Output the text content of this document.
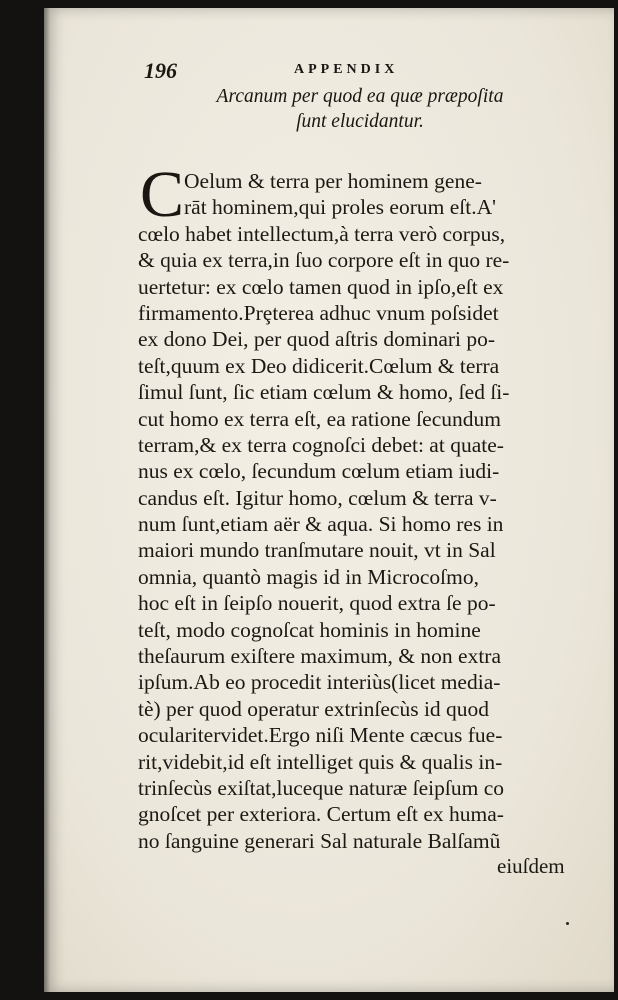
196	APPENDIX
Arcanum per quod ea quæ præpoſita
ſunt elucidantur.
C Oelum & terra per hominem gene-
rāt hominem,qui proles eorum eſt.A'
cœlo habet intellectum,à terra verò corpus,
& quia ex terra,in ſuo corpore eſt in quo re-
uertetur: ex cœlo tamen quod in ipſo,eſt ex
firmamento.Prȩterea adhuc vnum poſsidet
ex dono Dei, per quod aſtris dominari po-
teſt,quum ex Deo didicerit.Cœlum & terra
ſimul ſunt, ſic etiam cœlum & homo, ſed ſi-
cut homo ex terra eſt, ea ratione ſecundum
terram,& ex terra cognoſci debet: at quate-
nus ex cœlo, ſecundum cœlum etiam iudi-
candus eſt. Igitur homo, cœlum & terra v-
num ſunt,etiam aër & aqua. Si homo res in
maiori mundo tranſmutare nouit, vt in Sal
omnia, quantò magis id in Microcoſmo,
hoc eſt in ſeipſo nouerit, quod extra ſe po-
teſt, modo cognoſcat hominis in homine
theſaurum exiſtere maximum, & non extra
ipſum.Ab eo procedit interiùs(licet media-
tè) per quod operatur extrinſecùs id quod
ocularitervidet.Ergo niſi Mente cæcus fue-
rit,videbit,id eſt intelliget quis & qualis in-
trinſecùs exiſtat,luceque naturæ ſeipſum co
gnoſcet per exteriora. Certum eſt ex huma-
no ſanguine generari Sal naturale Balſamũ
eiuſdem
